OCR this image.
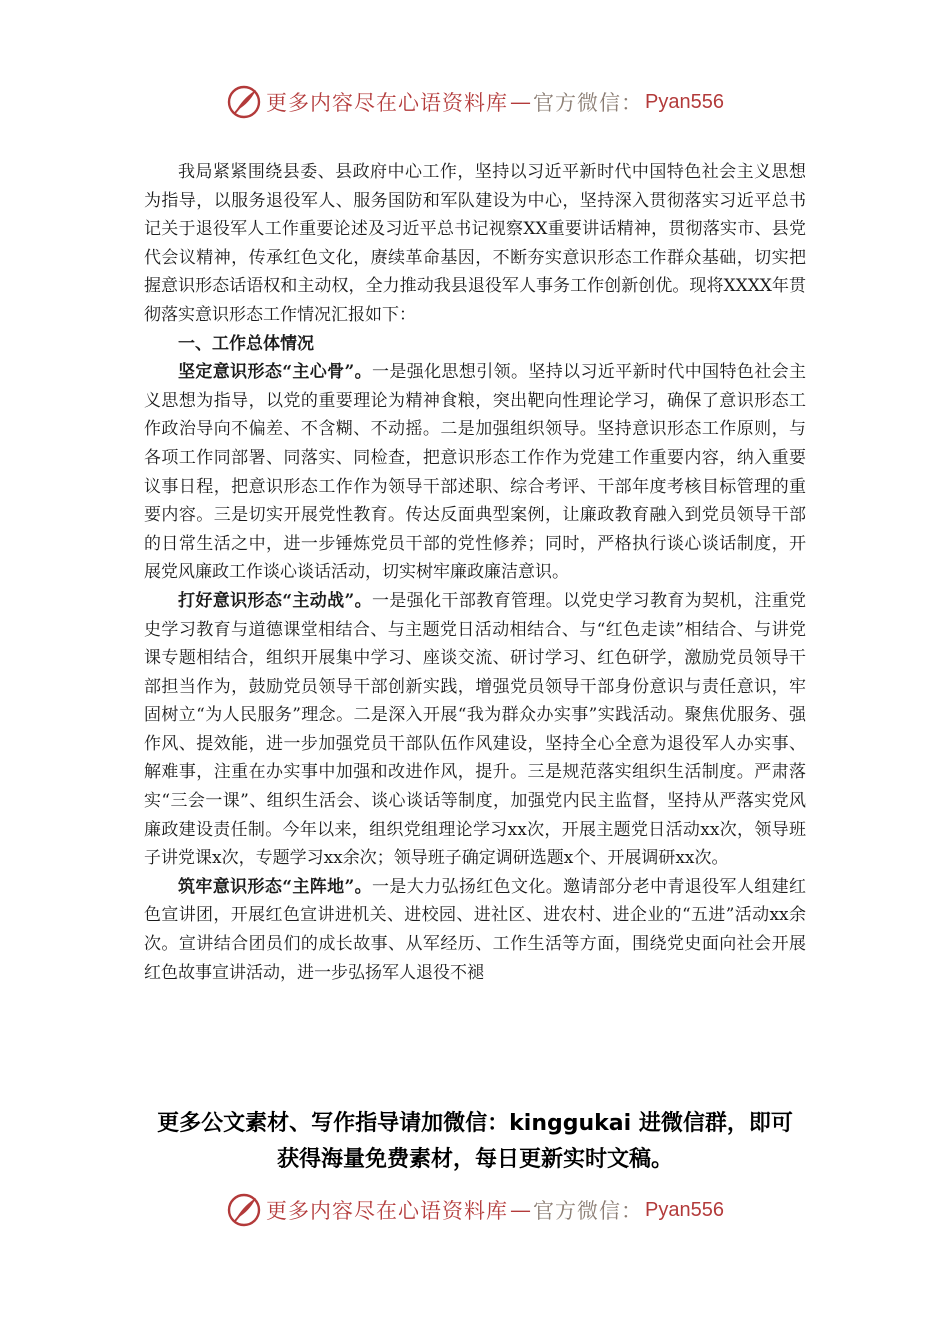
更多内容尽在心语资料库 — 官方微信： Pyan556

我局紧紧围绕县委、县政府中心工作，坚持以习近平新时代中国特色社会主义思想为指导，以服务退役军人、服务国防和军队建设为中心，坚持深入贯彻落实习近平总书记关于退役军人工作重要论述及习近平总书记视察XX重要讲话精神，贯彻落实市、县党代会议精神，传承红色文化，赓续革命基因，不断夯实意识形态工作群众基础，切实把握意识形态话语权和主动权，全力推动我县退役军人事务工作创新创优。现将XXXX年贯彻落实意识形态工作情况汇报如下：

一、工作总体情况

坚定意识形态“主心骨”。一是强化思想引领。坚持以习近平新时代中国特色社会主义思想为指导，以党的重要理论为精神食粮，突出靶向性理论学习，确保了意识形态工作政治导向不偏差、不含糊、不动摇。二是加强组织领导。坚持意识形态工作原则，与各项工作同部署、同落实、同检查，把意识形态工作作为党建工作重要内容，纳入重要议事日程，把意识形态工作作为领导干部述职、综合考评、干部年度考核目标管理的重要内容。三是切实开展党性教育。传达反面典型案例，让廉政教育融入到党员领导干部的日常生活之中，进一步锤炼党员干部的党性修养；同时，严格执行谈心谈话制度，开展党风廉政工作谈心谈话活动，切实树牢廉政廉洁意识。

打好意识形态“主动战”。一是强化干部教育管理。以党史学习教育为契机，注重党史学习教育与道德课堂相结合、与主题党日活动相结合、与“红色走读”相结合、与讲党课专题相结合，组织开展集中学习、座谈交流、研讨学习、红色研学，激励党员领导干部担当作为，鼓励党员领导干部创新实践，增强党员领导干部身份意识与责任意识，牢固树立“为人民服务”理念。二是深入开展“我为群众办实事”实践活动。聚焦优服务、强作风、提效能，进一步加强党员干部队伍作风建设，坚持全心全意为退役军人办实事、解难事，注重在办实事中加强和改进作风，提升。三是规范落实组织生活制度。严肃落实“三会一课”、组织生活会、谈心谈话等制度，加强党内民主监督，坚持从严落实党风廉政建设责任制。今年以来，组织党组理论学习xx次，开展主题党日活动xx次，领导班子讲党课x次，专题学习xx余次；领导班子确定调研选题x个、开展调研xx次。

筑牢意识形态“主阵地”。一是大力弘扬红色文化。邀请部分老中青退役军人组建红色宣讲团，开展红色宣讲进机关、进校园、进社区、进农村、进企业的“五进”活动xx余次。宣讲结合团员们的成长故事、从军经历、工作生活等方面，围绕党史面向社会开展红色故事宣讲活动，进一步弘扬军人退役不褪

更多公文素材、写作指导请加微信：kinggukai 进微信群，即可
获得海量免费素材，每日更新实时文稿。
更多内容尽在心语资料库 — 官方微信： Pyan556
